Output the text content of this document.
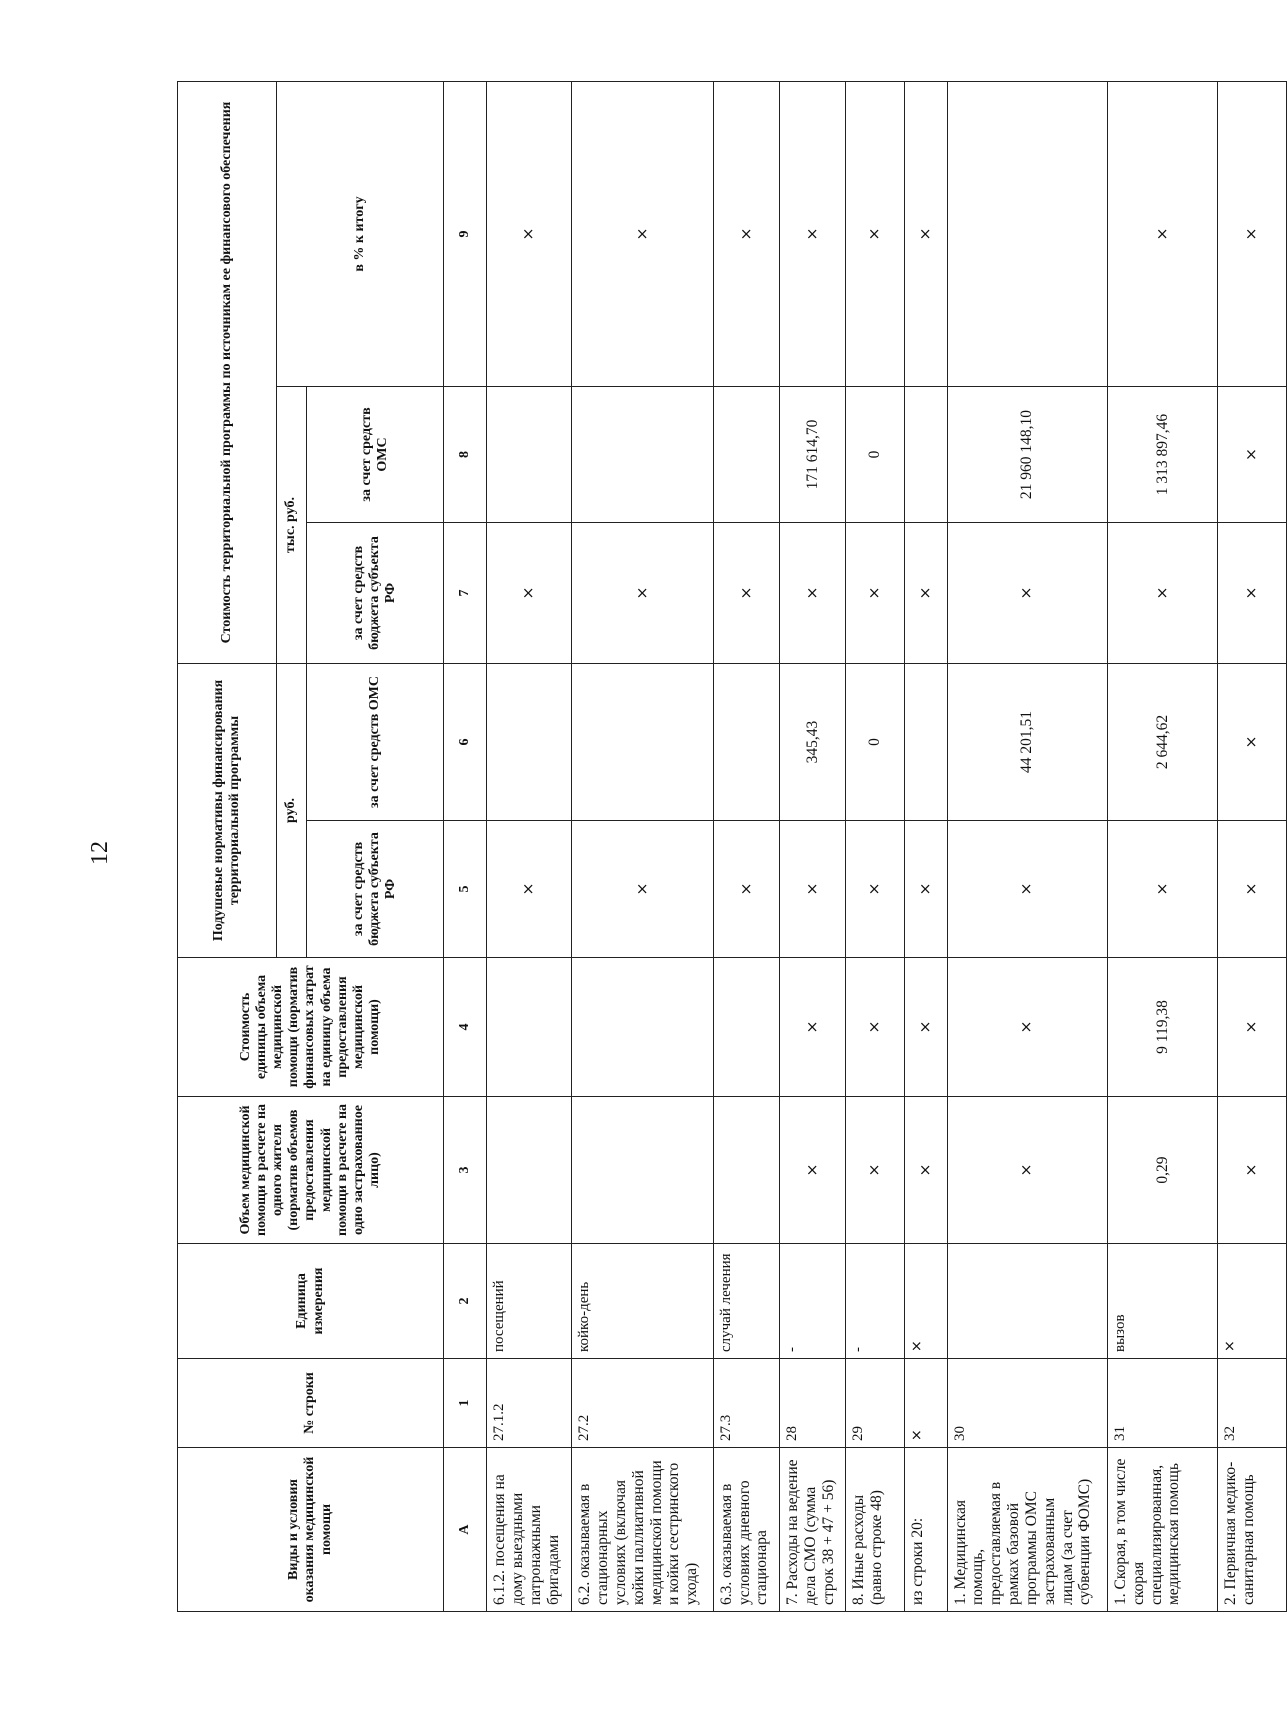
12
Виды и условия оказания медицинской помощи	№ строки	Единица измерения	Объем медицинской помощи в расчете на одного жителя (норматив объемов предоставления медицинской помощи в расчете на одно застрахованное лицо)	Стоимость единицы объема медицинской помощи (норматив финансовых затрат на единицу объема предоставления медицинской помощи)	Подушевые нормативы финансирования территориальной программы		Стоимость территориальной программы по источникам ее финансового обеспечения		
					руб.		тыс. руб.		в % к итогу
					за счет средств бюджета субъекта РФ	за счет средств ОМС	за счет средств бюджета субъекта РФ	за счет средств ОМС	
А	1	2	3	4	5	6	7	8	9
6.1.2. посещения на дому выездными патронажными бригадами	27.1.2	посещений			×		×		×
6.2. оказываемая в стационарных условиях (включая койки паллиативной медицинской помощи и койки сестринского ухода)	27.2	койко-день			×		×		×
6.3. оказываемая в условиях дневного стационара	27.3	случай лечения			×		×		×
7. Расходы на ведение дела СМО (сумма строк 38 + 47 + 56)	28	-	×	×	×	345,43	×	171 614,70	×
8. Иные расходы (равно строке 48)	29	-	×	×	×	0	×	0	×
из строки 20:	×	×	×	×	×		×		×
1. Медицинская помощь, предоставляемая в рамках базовой программы ОМС застрахованным лицам (за счет субвенции ФОМС)	30		×	×	×	44 201,51	×	21 960 148,10	
1. Скорая, в том числе скорая специализированная, медицинская помощь	31	вызов	0,29	9 119,38	×	2 644,62	×	1 313 897,46	×
2. Первичная медико-санитарная помощь	32	×	×	×	×	×	×	×	×
